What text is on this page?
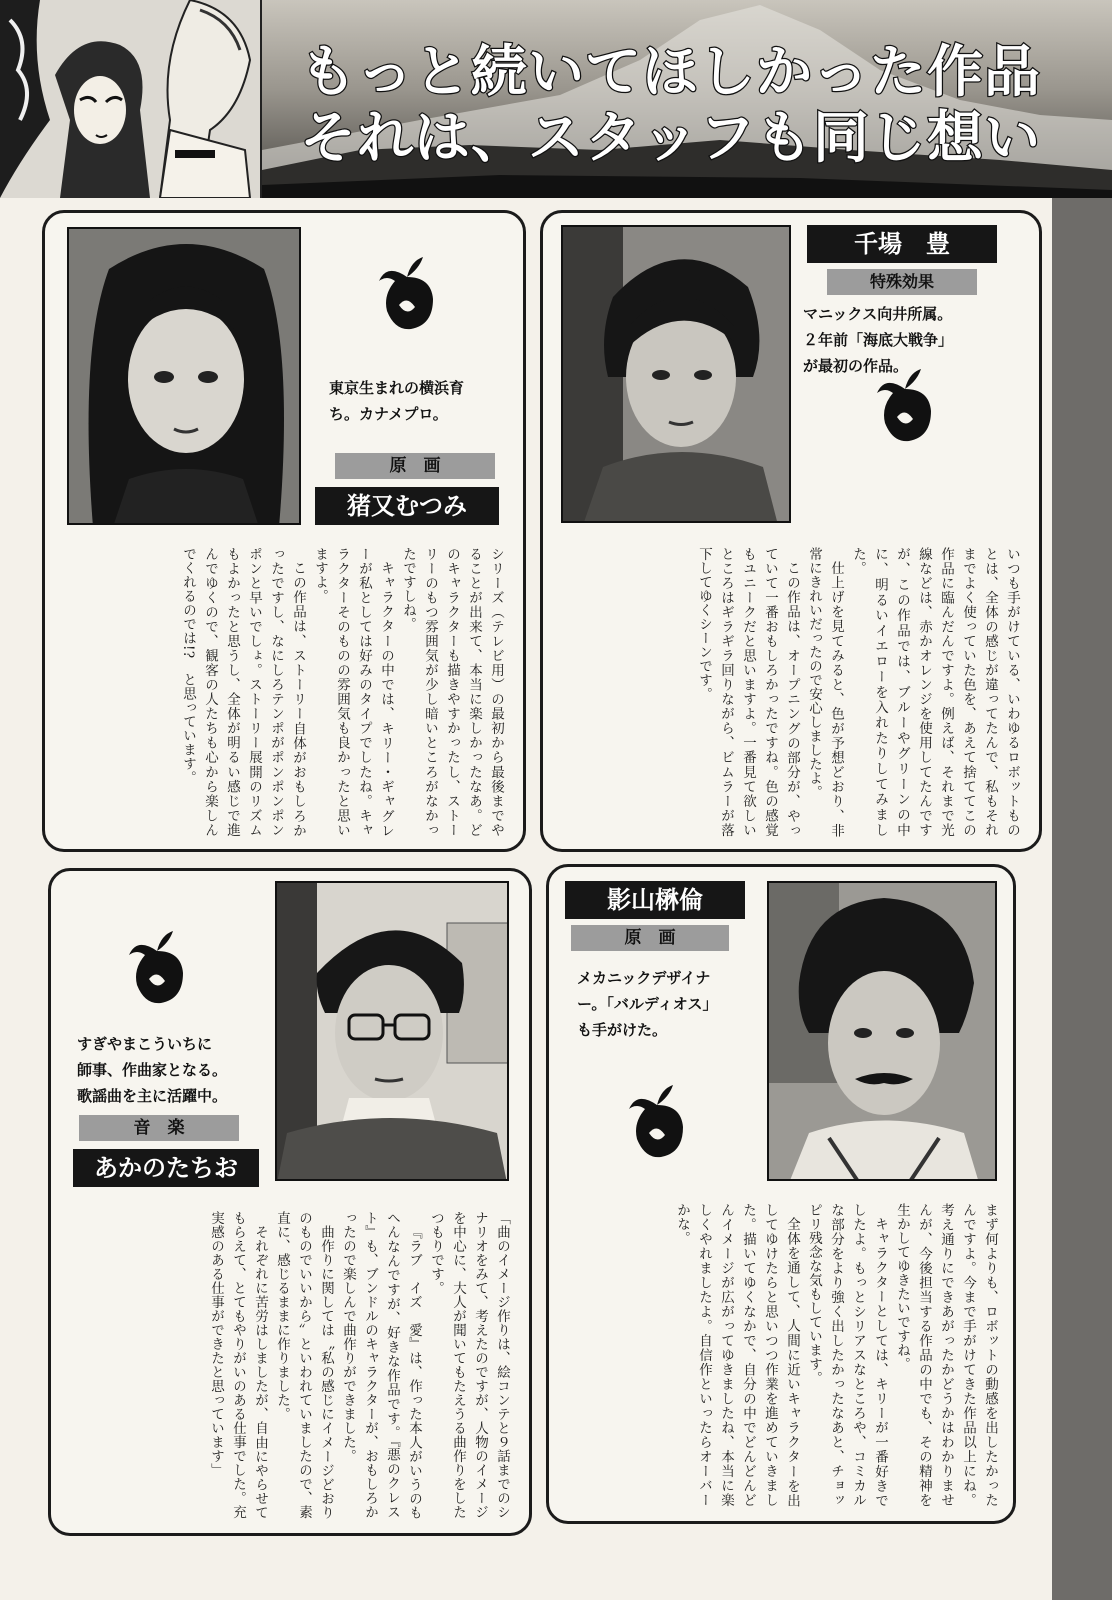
もっと続いてほしかった作品
それは、スタッフも同じ想い
東京生まれの横浜育
ち。カナメプロ。
原　画
猪又むつみ

シリーズ（テレビ用）の最初から最後までやることが出来て、本当に楽しかったなあ。どのキャラクターも描きやすかったし、ストーリーのもつ雰囲気が少し暗いところがなかったですしね。

キャラクターの中では、キリー・ギャグレーが私としては好みのタイプでしたね。キャラクターそのものの雰囲気も良かったと思いますよ。

この作品は、ストーリー自体がおもしろかったですし、なにしろテンポがポンポンポンポンと早いでしょ。ストーリー展開のリズムもよかったと思うし、全体が明るい感じで進んでゆくので、観客の人たちも心から楽しんでくれるのでは!?　と思っています。

千場　豊
特殊効果
マニックス向井所属。
２年前「海底大戦争」
が最初の作品。

いつも手がけている、いわゆるロボットものとは、全体の感じが違ってたんで、私もそれまでよく使っていた色を、あえて捨ててこの作品に臨んだんですよ。例えば、それまで光線などは、赤かオレンジを使用してたんですが、この作品では、ブルーやグリーンの中に、明るいイエローを入れたりしてみました。

仕上げを見てみると、色が予想どおり、非常にきれいだったので安心しましたよ。

この作品は、オープニングの部分が、やっていて一番おもしろかったですね。色の感覚もユニークだと思いますよ。一番見て欲しいところはギラギラ回りながら、ビムラーが落下してゆくシーンです。

すぎやまこういちに
師事、作曲家となる。
歌謡曲を主に活躍中。
音　楽
あかのたちお

「曲のイメージ作りは、絵コンテと９話までのシナリオをみて、考えたのですが、人物のイメージを中心に、大人が聞いてもたえうる曲作りをしたつもりです。

『ラブ　イズ　愛』は、作った本人がいうのもへんなんですが、好きな作品です。『悪のクレスト』も、ブンドルのキャラクターが、おもしろかったので楽しんで曲作りができました。

曲作りに関しては〝私の感じにイメージどおりのものでいいから〟といわれていましたので、素直に、感じるままに作りました。

それぞれに苦労はしましたが、自由にやらせてもらえて、とてもやりがいのある仕事でした。充実感のある仕事ができたと思っています」

影山楙倫
原　画
メカニックデザイナ
ー。「バルディオス」
も手がけた。

まず何よりも、ロボットの動感を出したかったんですよ。今まで手がけてきた作品以上にね。考え通りにできあがったかどうかはわかりませんが、今後担当する作品の中でも、その精神を生かしてゆきたいですね。

キャラクターとしては、キリーが一番好きでしたよ。もっとシリアスなところや、コミカルな部分をより強く出したかったなあと、チョッピリ残念な気もしています。

全体を通して、人間に近いキャラクターを出してゆけたらと思いつつ作業を進めていきました。描いてゆくなかで、自分の中でどんどんどんイメージが広がってゆきましたね、本当に楽しくやれましたよ。自信作といったらオーバーかな。
